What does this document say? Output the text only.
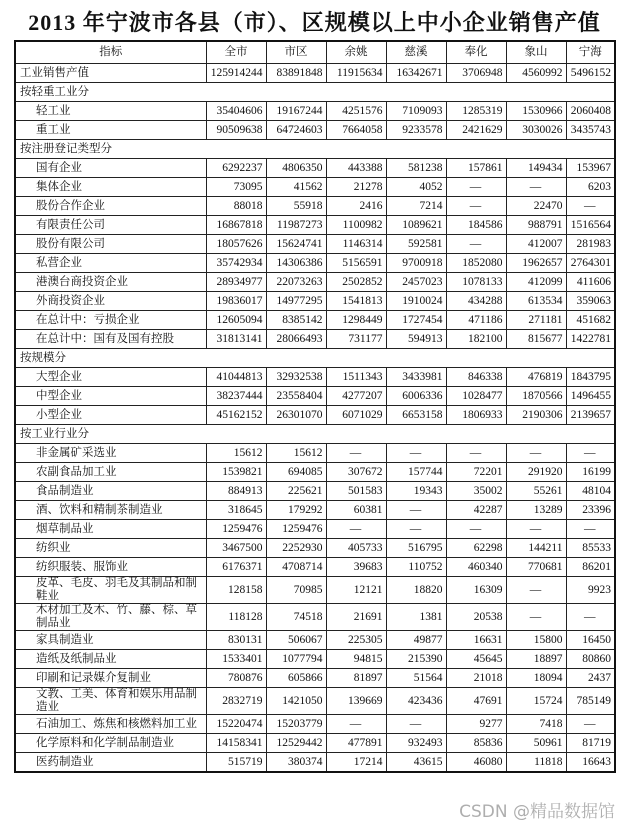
2013 年宁波市各县（市）、区规模以上中小企业销售产值
指标	全市	市区	余姚	慈溪	奉化	象山	宁海
工业销售产值	125914244	83891848	11915634	16342671	3706948	4560992	5496152
按轻重工业分							
轻工业	35404606	19167244	4251576	7109093	1285319	1530966	2060408
重工业	90509638	64724603	7664058	9233578	2421629	3030026	3435743
按注册登记类型分							
国有企业	6292237	4806350	443388	581238	157861	149434	153967
集体企业	73095	41562	21278	4052	—	—	6203
股份合作企业	88018	55918	2416	7214	—	22470	—
有限责任公司	16867818	11987273	1100982	1089621	184586	988791	1516564
股份有限公司	18057626	15624741	1146314	592581	—	412007	281983
私营企业	35742934	14306386	5156591	9700918	1852080	1962657	2764301
港澳台商投资企业	28934977	22073263	2502852	2457023	1078133	412099	411606
外商投资企业	19836017	14977295	1541813	1910024	434288	613534	359063
在总计中：亏损企业	12605094	8385142	1298449	1727454	471186	271181	451682
在总计中：国有及国有控股	31813141	28066493	731177	594913	182100	815677	1422781
按规模分							
大型企业	41044813	32932538	1511343	3433981	846338	476819	1843795
中型企业	38237444	23558404	4277207	6006336	1028477	1870566	1496455
小型企业	45162152	26301070	6071029	6653158	1806933	2190306	2139657
按工业行业分							
非金属矿采选业	15612	15612	—	—	—	—	—
农副食品加工业	1539821	694085	307672	157744	72201	291920	16199
食品制造业	884913	225621	501583	19343	35002	55261	48104
酒、饮料和精制茶制造业	318645	179292	60381	—	42287	13289	23396
烟草制品业	1259476	1259476	—	—	—	—	—
纺织业	3467500	2252930	405733	516795	62298	144211	85533
纺织服装、服饰业	6176371	4708714	39683	110752	460340	770681	86201
皮革、毛皮、羽毛及其制品和制鞋业	128158	70985	12121	18820	16309	—	9923
木材加工及木、竹、藤、棕、草制品业	118128	74518	21691	1381	20538	—	—
家具制造业	830131	506067	225305	49877	16631	15800	16450
造纸及纸制品业	1533401	1077794	94815	215390	45645	18897	80860
印刷和记录媒介复制业	780876	605866	81897	51564	21018	18094	2437
文教、工美、体育和娱乐用品制造业	2832719	1421050	139669	423436	47691	15724	785149
石油加工、炼焦和核燃料加工业	15220474	15203779	—	—	9277	7418	—
化学原料和化学制品制造业	14158341	12529442	477891	932493	85836	50961	81719
医药制造业	515719	380374	17214	43615	46080	11818	16643
CSDN @精品数据馆
